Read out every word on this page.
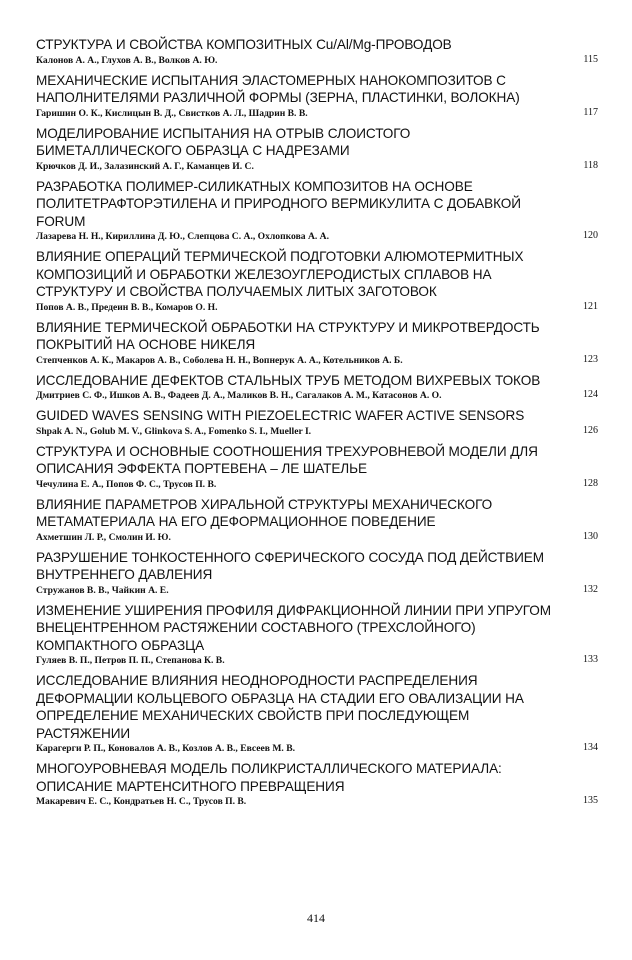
СТРУКТУРА И СВОЙСТВА КОМПОЗИТНЫХ Cu/Al/Mg-ПРОВОДОВ
Калонов А. А., Глухов А. В., Волков А. Ю.	115
МЕХАНИЧЕСКИЕ ИСПЫТАНИЯ ЭЛАСТОМЕРНЫХ НАНОКОМПОЗИТОВ С НАПОЛНИТЕЛЯМИ РАЗЛИЧНОЙ ФОРМЫ (ЗЕРНА, ПЛАСТИНКИ, ВОЛОКНА)
Гаришин О. К., Кислицын В. Д., Свистков А. Л., Шадрин В. В.	117
МОДЕЛИРОВАНИЕ ИСПЫТАНИЯ НА ОТРЫВ СЛОИСТОГО БИМЕТАЛЛИЧЕСКОГО ОБРАЗЦА С НАДРЕЗАМИ
Крючков Д. И., Залазинский А. Г., Каманцев И. С.	118
РАЗРАБОТКА ПОЛИМЕР-СИЛИКАТНЫХ КОМПОЗИТОВ НА ОСНОВЕ ПОЛИТЕТРАФТОРЭТИЛЕНА И ПРИРОДНОГО ВЕРМИКУЛИТА С ДОБАВКОЙ FORUM
Лазарева Н. Н., Кириллина Д. Ю., Слепцова С. А., Охлопкова А. А.	120
ВЛИЯНИЕ ОПЕРАЦИЙ ТЕРМИЧЕСКОЙ ПОДГОТОВКИ АЛЮМОТЕРМИТНЫХ КОМПОЗИЦИЙ И ОБРАБОТКИ ЖЕЛЕЗОУГЛЕРОДИСТЫХ СПЛАВОВ НА СТРУКТУРУ И СВОЙСТВА ПОЛУЧАЕМЫХ ЛИТЫХ ЗАГОТОВОК
Попов А. В., Предеин В. В., Комаров О. Н.	121
ВЛИЯНИЕ ТЕРМИЧЕСКОЙ ОБРАБОТКИ НА СТРУКТУРУ И МИКРОТВЕРДОСТЬ ПОКРЫТИЙ НА ОСНОВЕ НИКЕЛЯ
Степченков А. К., Макаров А. В., Соболева Н. Н., Вопнерук А. А., Котельников А. Б.	123
ИССЛЕДОВАНИЕ ДЕФЕКТОВ СТАЛЬНЫХ ТРУБ МЕТОДОМ ВИХРЕВЫХ ТОКОВ
Дмитриев С. Ф., Ишков А. В., Фадеев Д. А., Маликов В. Н., Сагалаков А. М., Катасонов А. О.	124
GUIDED WAVES SENSING WITH PIEZOELECTRIC WAFER ACTIVE SENSORS
Shpak A. N., Golub M. V., Glinkova S. A., Fomenko S. I., Mueller I.	126
СТРУКТУРА И ОСНОВНЫЕ СООТНОШЕНИЯ ТРЕХУРОВНЕВОЙ МОДЕЛИ ДЛЯ ОПИСАНИЯ ЭФФЕКТА ПОРТЕВЕНА – ЛЕ ШАТЕЛЬЕ
Чечулина Е. А., Попов Ф. С., Трусов П. В.	128
ВЛИЯНИЕ ПАРАМЕТРОВ ХИРАЛЬНОЙ СТРУКТУРЫ МЕХАНИЧЕСКОГО МЕТАМАТЕРИАЛА НА ЕГО ДЕФОРМАЦИОННОЕ ПОВЕДЕНИЕ
Ахметшин Л. Р., Смолин И. Ю.	130
РАЗРУШЕНИЕ ТОНКОСТЕННОГО СФЕРИЧЕСКОГО СОСУДА ПОД ДЕЙСТВИЕМ ВНУТРЕННЕГО ДАВЛЕНИЯ
Стружанов В. В., Чайкин А. Е.	132
ИЗМЕНЕНИЕ УШИРЕНИЯ ПРОФИЛЯ ДИФРАКЦИОННОЙ ЛИНИИ ПРИ УПРУГОМ ВНЕЦЕНТРЕННОМ РАСТЯЖЕНИИ СОСТАВНОГО (ТРЕХСЛОЙНОГО) КОМПАКТНОГО ОБРАЗЦА
Гуляев В. П., Петров П. П., Степанова К. В.	133
ИССЛЕДОВАНИЕ ВЛИЯНИЯ НЕОДНОРОДНОСТИ РАСПРЕДЕЛЕНИЯ ДЕФОРМАЦИИ КОЛЬЦЕВОГО ОБРАЗЦА НА СТАДИИ ЕГО ОВАЛИЗАЦИИ НА ОПРЕДЕЛЕНИЕ МЕХАНИЧЕСКИХ СВОЙСТВ ПРИ ПОСЛЕДУЮЩЕМ РАСТЯЖЕНИИ
Карагерги Р. П., Коновалов А. В., Козлов А. В., Евсеев М. В.	134
МНОГОУРОВНЕВАЯ МОДЕЛЬ ПОЛИКРИСТАЛЛИЧЕСКОГО МАТЕРИАЛА: ОПИСАНИЕ МАРТЕНСИТНОГО ПРЕВРАЩЕНИЯ
Макаревич Е. С., Кондратьев Н. С., Трусов П. В.	135
414
